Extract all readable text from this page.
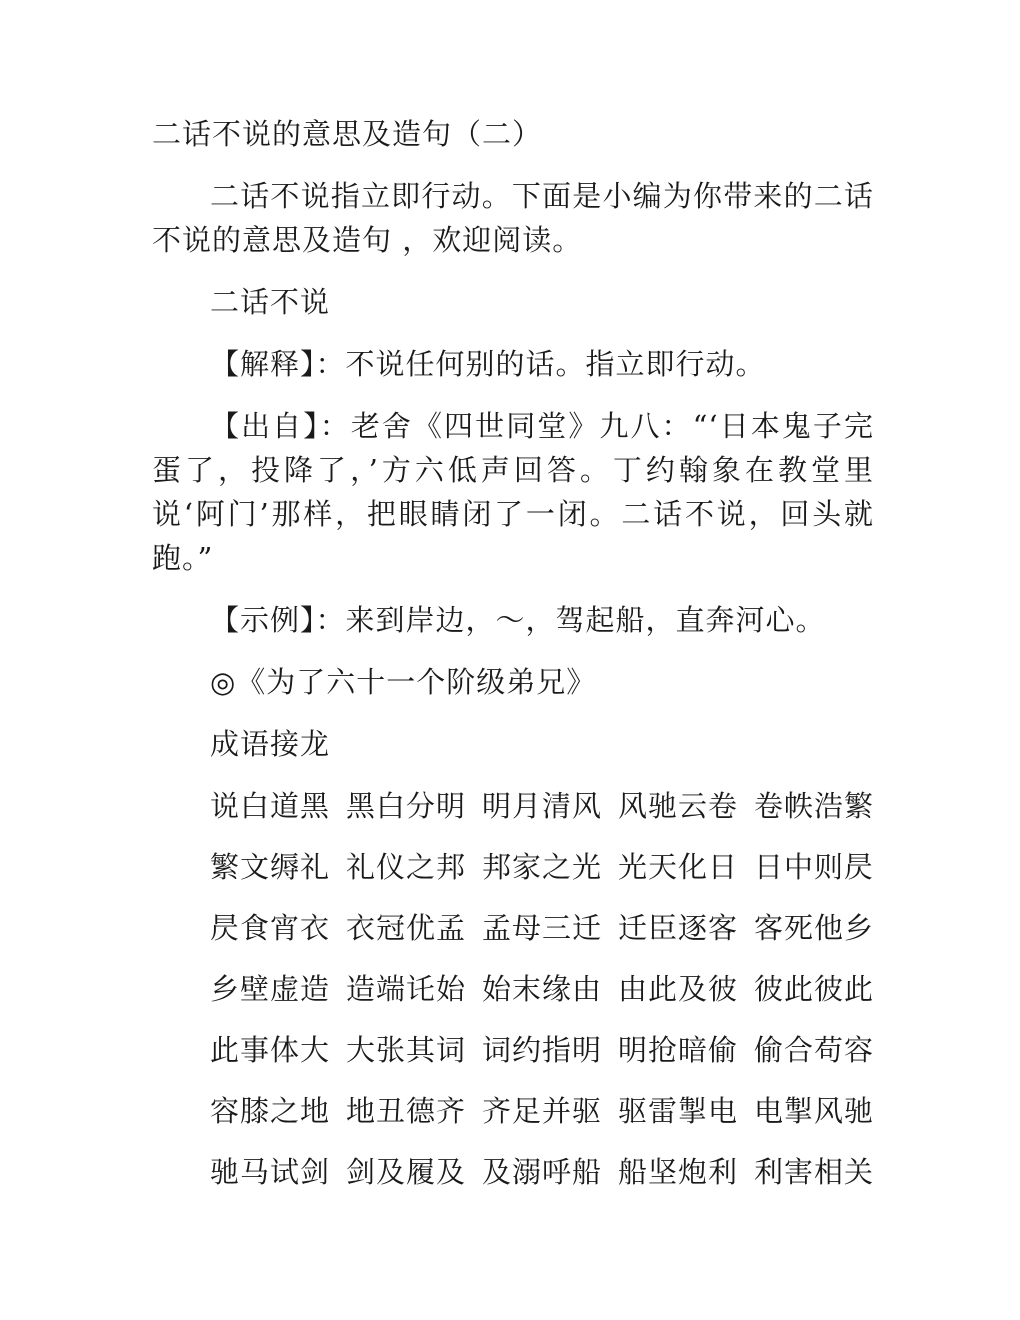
二话不说的意思及造句（二）
二话不说指立即行动。下面是小编为你带来的二话不说的意思及造句 ，欢迎阅读。
二话不说
【解释】：不说任何别的话。指立即行动。
【出自】：老舍《四世同堂》九八：“‘日本鬼子完蛋了，投降了，’方六低声回答。丁约翰象在教堂里说‘阿门’那样，把眼睛闭了一闭。二话不说，回头就跑。”
【示例】：来到岸边，～，驾起船，直奔河心。
◎《为了六十一个阶级弟兄》
成语接龙
说白道黑 黑白分明 明月清风 风驰云卷 卷帙浩繁
繁文缛礼 礼仪之邦 邦家之光 光天化日 日中则昃
昃食宵衣 衣冠优孟 孟母三迁 迁臣逐客 客死他乡
乡壁虚造 造端讬始 始末缘由 由此及彼 彼此彼此
此事体大 大张其词 词约指明 明抢暗偷 偷合苟容
容膝之地 地丑德齐 齐足并驱 驱雷掣电 电掣风驰
驰马试剑 剑及履及 及溺呼船 船坚炮利 利害相关
